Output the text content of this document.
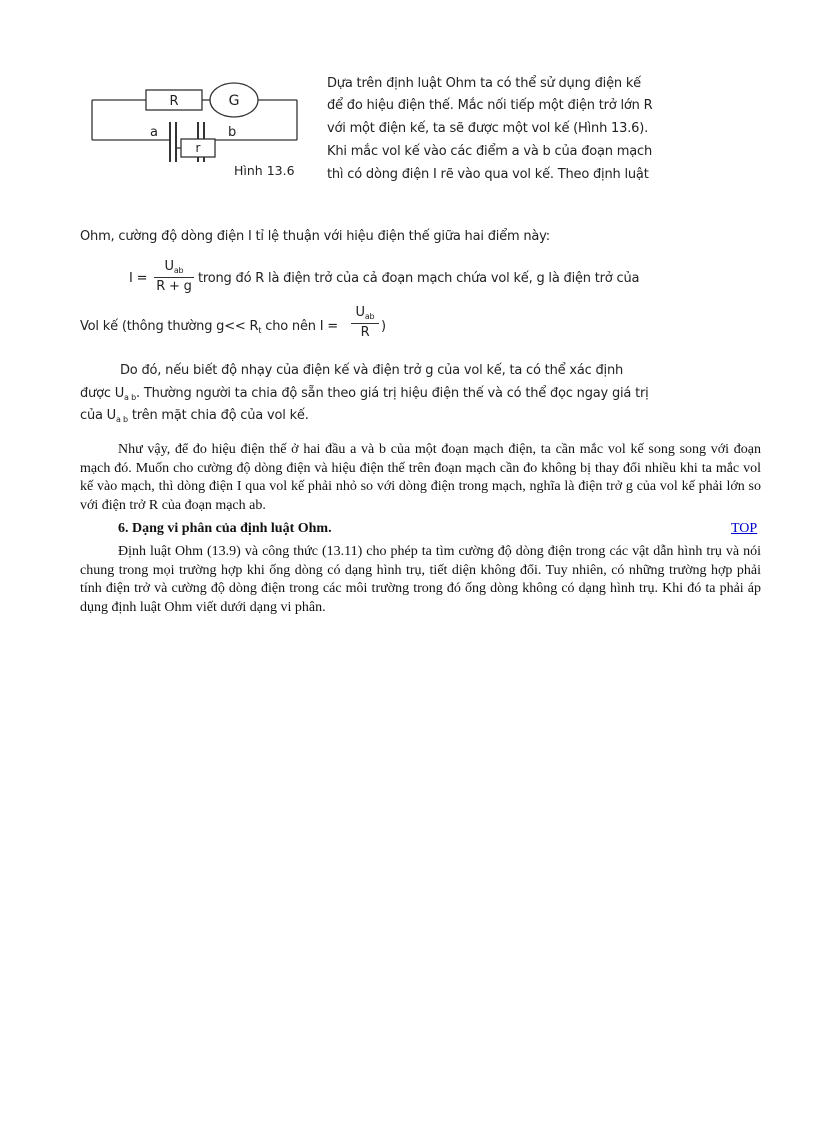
R	G
r
a	b
Hình 13.6
Dựa trên định luật Ohm ta có thể sử dụng điện kế
để đo hiệu điện thế. Mắc nối tiếp một điện trở lớn R
với một điện kế, ta sẽ được một vol kế (Hình 13.6).
Khi mắc vol kế vào các điểm a và b của đoạn mạch
thì có dòng điện I rẽ vào qua vol kế. Theo định luật
Ohm, cường độ dòng điện I tỉ lệ thuận với hiệu điện thế giữa hai điểm này:
I =
$U_{ab}$
R + g
trong đó R là điện trở của cả đoạn mạch chứa vol kế, g là điện trở của
Vol kế (thông thường $g<< R_t$ cho nên I =
$U_{ab}$
R )
Do đó, nếu biết độ nhạy của điện kế và điện trở g của vol kế, ta có thể xác định
được $U_{a b}$. Thường người ta chia độ sẵn theo giá trị hiệu điện thế và có thể đọc ngay giá trị
của $U_{a b}$ trên mặt chia độ của vol kế.

Như vậy, để đo hiệu điện thế ở hai đầu a và b của một đoạn mạch điện, ta cần mắc vol kế song song với đoạn mạch đó. Muốn cho cường độ dòng điện và hiệu điện thế trên đoạn mạch cần đo không bị thay đổi nhiều khi ta mắc vol kế vào mạch, thì dòng điện I qua vol kế phải nhỏ so với dòng điện trong mạch, nghĩa là điện trở g của vol kế phải lớn so với điện trở R của đoạn mạch ab.

6. Dạng vi phân của định luật Ohm.	TOP

Định luật Ohm (13.9) và công thức (13.11) cho phép ta tìm cường độ dòng điện trong các vật dẫn hình trụ và nói chung trong mọi trường hợp khi ống dòng có dạng hình trụ, tiết diện không đổi. Tuy nhiên, có những trường hợp phải tính điện trở và cường độ dòng điện trong các môi trường trong đó ống dòng không có dạng hình trụ. Khi đó ta phải áp dụng định luật Ohm viết dưới dạng vi phân.
